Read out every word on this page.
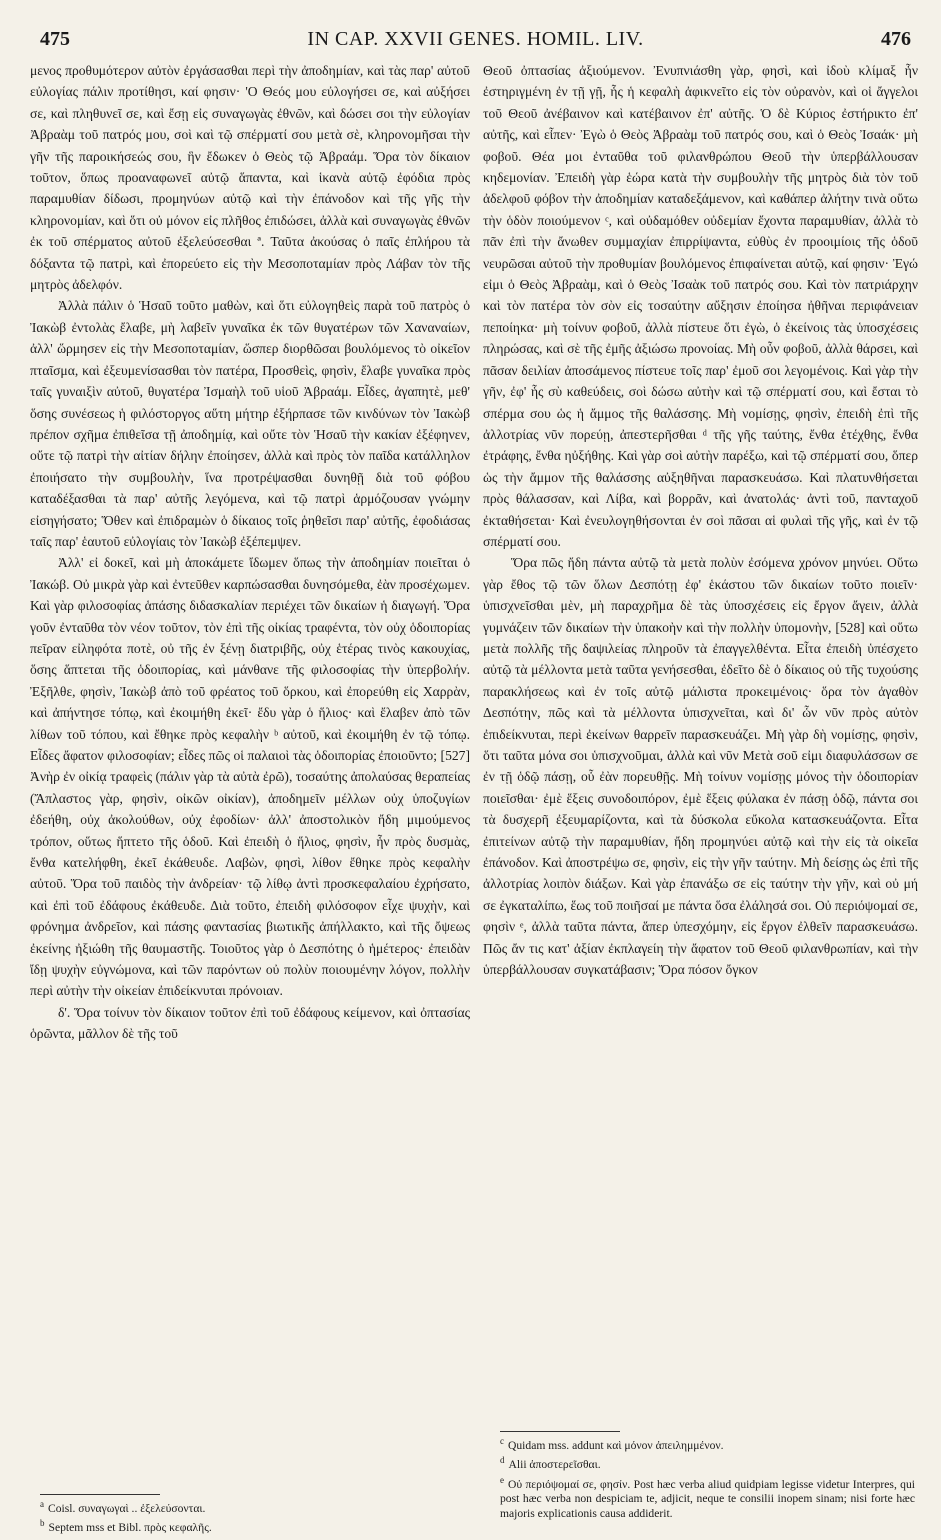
475	IN CAP. XXVII GENES. HOMIL. LIV.	476

μενος προθυμότερον αὐτὸν ἐργάσασθαι περὶ τὴν ἀποδημίαν, καὶ τὰς παρ' αὐτοῦ εὐλογίας πάλιν προτίθησι, καί φησιν· 'Ο Θεός μου εὐλογήσει σε, καὶ αὐξήσει σε, καὶ πληθυνεῖ σε, καὶ ἔσῃ εἰς συναγωγὰς ἐθνῶν, καὶ δώσει σοι τὴν εὐλογίαν Ἀβραὰμ τοῦ πατρός μου, σοὶ καὶ τῷ σπέρματί σου μετὰ σὲ, κληρονομῆσαι τὴν γῆν τῆς παροικήσεώς σου, ἣν ἔδωκεν ὁ Θεὸς τῷ Ἀβραάμ. Ὅρα τὸν δίκαιον τοῦτον, ὅπως προαναφωνεῖ αὐτῷ ἅπαντα, καὶ ἱκανὰ αὐτῷ ἐφόδια πρὸς παραμυθίαν δίδωσι, προμηνύων αὐτῷ καὶ τὴν ἐπάνοδον καὶ τῆς γῆς τὴν κληρονομίαν, καὶ ὅτι οὐ μόνον εἰς πλῆθος ἐπιδώσει, ἀλλὰ καὶ συναγωγὰς ἐθνῶν ἐκ τοῦ σπέρματος αὐτοῦ ἐξελεύσεσθαι ª. Ταῦτα ἀκούσας ὁ παῖς ἐπλήρου τὰ δόξαντα τῷ πατρὶ, καὶ ἐπορεύετο εἰς τὴν Μεσοποταμίαν πρὸς Λάβαν τὸν τῆς μητρὸς ἀδελφόν.

Ἀλλὰ πάλιν ὁ Ἡσαῦ τοῦτο μαθὼν, καὶ ὅτι εὐλογηθεὶς παρὰ τοῦ πατρὸς ὁ Ἰακὼβ ἐντολὰς ἔλαβε, μὴ λαβεῖν γυναῖκα ἐκ τῶν θυγατέρων τῶν Χαναναίων, ἀλλ' ὥρμησεν εἰς τὴν Μεσοποταμίαν, ὥσπερ διορθῶσαι βουλόμενος τὸ οἰκεῖον πταῖσμα, καὶ ἐξευμενίσασθαι τὸν πατέρα, Προσθεὶς, φησὶν, ἔλαβε γυναῖκα πρὸς ταῖς γυναιξὶν αὐτοῦ, θυγατέρα Ἰσμαὴλ τοῦ υἱοῦ Ἀβραάμ. Εἶδες, ἀγαπητὲ, μεθ' ὅσης συνέσεως ἡ φιλόστοργος αὕτη μήτηρ ἐξήρπασε τῶν κινδύνων τὸν Ἰακὼβ πρέπον σχῆμα ἐπιθεῖσα τῇ ἀποδημίᾳ, καὶ οὔτε τὸν Ἡσαῦ τὴν κακίαν ἐξέφηνεν, οὔτε τῷ πατρὶ τὴν αἰτίαν δήλην ἐποίησεν, ἀλλὰ καὶ πρὸς τὸν παῖδα κατάλληλον ἐποιήσατο τὴν συμβουλὴν, ἵνα προτρέψασθαι δυνηθῇ διὰ τοῦ φόβου καταδέξασθαι τὰ παρ' αὐτῆς λεγόμενα, καὶ τῷ πατρὶ ἁρμόζουσαν γνώμην εἰσηγήσατο; Ὅθεν καὶ ἐπιδραμὼν ὁ δίκαιος τοῖς ῥηθεῖσι παρ' αὐτῆς, ἐφοδιάσας ταῖς παρ' ἑαυτοῦ εὐλογίαις τὸν Ἰακὼβ ἐξέπεμψεν.

Ἀλλ' εἰ δοκεῖ, καὶ μὴ ἀποκάμετε ἴδωμεν ὅπως τὴν ἀποδημίαν ποιεῖται ὁ Ἰακώβ. Οὐ μικρὰ γὰρ καὶ ἐντεῦθεν καρπώσασθαι δυνησόμεθα, ἐὰν προσέχωμεν. Καὶ γὰρ φιλοσοφίας ἁπάσης διδασκαλίαν περιέχει τῶν δικαίων ἡ διαγωγή. Ὅρα γοῦν ἐνταῦθα τὸν νέον τοῦτον, τὸν ἐπὶ τῆς οἰκίας τραφέντα, τὸν οὐχ ὁδοιπορίας πεῖραν εἰληφότα ποτὲ, οὐ τῆς ἐν ξένῃ διατριβῆς, οὐχ ἑτέρας τινὸς κακουχίας, ὅσης ἅπτεται τῆς ὁδοιπορίας, καὶ μάνθανε τῆς φιλοσοφίας τὴν ὑπερβολήν. Ἐξῆλθε, φησὶν, Ἰακὼβ ἀπὸ τοῦ φρέατος τοῦ ὅρκου, καὶ ἐπορεύθη εἰς Χαρρὰν, καὶ ἀπήντησε τόπῳ, καὶ ἐκοιμήθη ἐκεῖ· ἔδυ γὰρ ὁ ἥλιος· καὶ ἔλαβεν ἀπὸ τῶν λίθων τοῦ τόπου, καὶ ἔθηκε πρὸς κεφαλὴν ᵇ αὐτοῦ, καὶ ἐκοιμήθη ἐν τῷ τόπῳ. Εἶδες ἄφατον φιλοσοφίαν; εἶδες πῶς οἱ παλαιοὶ τὰς ὁδοιπορίας ἐποιοῦντο; [527] Ἀνὴρ ἐν οἰκίᾳ τραφεὶς (πάλιν γὰρ τὰ αὐτὰ ἐρῶ), τοσαύτης ἀπολαύσας θεραπείας (Ἄπλαστος γὰρ, φησὶν, οἰκῶν οἰκίαν), ἀποδημεῖν μέλλων οὐχ ὑποζυγίων ἐδεήθη, οὐχ ἀκολούθων, οὐχ ἐφοδίων· ἀλλ' ἀποστολικὸν ἤδη μιμούμενος τρόπον, οὕτως ἥπτετο τῆς ὁδοῦ. Καὶ ἐπειδὴ ὁ ἥλιος, φησὶν, ἦν πρὸς δυσμὰς, ἔνθα κατελήφθη, ἐκεῖ ἐκάθευδε. Λαβὼν, φησὶ, λίθον ἔθηκε πρὸς κεφαλὴν αὐτοῦ. Ὅρα τοῦ παιδὸς τὴν ἀνδρείαν· τῷ λίθῳ ἀντὶ προσκεφαλαίου ἐχρήσατο, καὶ ἐπὶ τοῦ ἐδάφους ἐκάθευδε. Διὰ τοῦτο, ἐπειδὴ φιλόσοφον εἶχε ψυχὴν, καὶ φρόνημα ἀνδρεῖον, καὶ πάσης φαντασίας βιωτικῆς ἀπήλλακτο, καὶ τῆς ὄψεως ἐκείνης ἠξιώθη τῆς θαυμαστῆς. Τοιοῦτος γὰρ ὁ Δεσπότης ὁ ἡμέτερος· ἐπειδὰν ἴδῃ ψυχὴν εὐγνώμονα, καὶ τῶν παρόντων οὐ πολὺν ποιουμένην λόγον, πολλὴν περὶ αὐτὴν τὴν οἰκείαν ἐπιδείκνυται πρόνοιαν.

δ'. Ὅρα τοίνυν τὸν δίκαιον τοῦτον ἐπὶ τοῦ ἐδάφους κείμενον, καὶ ὀπτασίας ὁρῶντα, μᾶλλον δὲ τῆς τοῦ

Θεοῦ ὀπτασίας ἀξιούμενον. Ἐνυπνιάσθη γὰρ, φησὶ, καὶ ἰδοὺ κλίμαξ ἦν ἐστηριγμένη ἐν τῇ γῇ, ἧς ἡ κεφαλὴ ἀφικνεῖτο εἰς τὸν οὐρανὸν, καὶ οἱ ἄγγελοι τοῦ Θεοῦ ἀνέβαινον καὶ κατέβαινον ἐπ' αὐτῆς. Ὁ δὲ Κύριος ἐστήρικτο ἐπ' αὐτῆς, καὶ εἶπεν· Ἐγὼ ὁ Θεὸς Ἀβραὰμ τοῦ πατρός σου, καὶ ὁ Θεὸς Ἰσαάκ· μὴ φοβοῦ. Θέα μοι ἐνταῦθα τοῦ φιλανθρώπου Θεοῦ τὴν ὑπερβάλλουσαν κηδεμονίαν. Ἐπειδὴ γὰρ ἑώρα κατὰ τὴν συμβουλὴν τῆς μητρὸς διὰ τὸν τοῦ ἀδελφοῦ φόβον τὴν ἀποδημίαν καταδεξάμενον, καὶ καθάπερ ἀλήτην τινὰ οὕτω τὴν ὁδὸν ποιούμενον ᶜ, καὶ οὐδαμόθεν οὐδεμίαν ἔχοντα παραμυθίαν, ἀλλὰ τὸ πᾶν ἐπὶ τὴν ἄνωθεν συμμαχίαν ἐπιρρίψαντα, εὐθὺς ἐν προοιμίοις τῆς ὁδοῦ νευρῶσαι αὐτοῦ τὴν προθυμίαν βουλόμενος ἐπιφαίνεται αὐτῷ, καί φησιν· Ἐγώ εἰμι ὁ Θεὸς Ἀβραὰμ, καὶ ὁ Θεὸς Ἰσαὰκ τοῦ πατρός σου. Καὶ τὸν πατριάρχην καὶ τὸν πατέρα τὸν σὸν εἰς τοσαύτην αὔξησιν ἐποίησα ἠθῆναι περιφάνειαν πεποίηκα· μὴ τοίνυν φοβοῦ, ἀλλὰ πίστευε ὅτι ἐγὼ, ὁ ἐκείνοις τὰς ὑποσχέσεις πληρώσας, καὶ σὲ τῆς ἐμῆς ἀξιώσω προνοίας. Μὴ οὖν φοβοῦ, ἀλλὰ θάρσει, καὶ πᾶσαν δειλίαν ἀποσάμενος πίστευε τοῖς παρ' ἐμοῦ σοι λεγομένοις. Καὶ γὰρ τὴν γῆν, ἐφ' ἧς σὺ καθεύδεις, σοὶ δώσω αὐτὴν καὶ τῷ σπέρματί σου, καὶ ἔσται τὸ σπέρμα σου ὡς ἡ ἄμμος τῆς θαλάσσης. Μὴ νομίσῃς, φησὶν, ἐπειδὴ ἐπὶ τῆς ἀλλοτρίας νῦν πορεύῃ, ἀπεστερῆσθαι ᵈ τῆς γῆς ταύτης, ἔνθα ἐτέχθης, ἔνθα ἐτράφης, ἔνθα ηὐξήθης. Καὶ γὰρ σοὶ αὐτὴν παρέξω, καὶ τῷ σπέρματί σου, ὅπερ ὡς τὴν ἄμμον τῆς θαλάσσης αὐξηθῆναι παρασκευάσω. Καὶ πλατυνθήσεται πρὸς θάλασσαν, καὶ Λίβα, καὶ βορρᾶν, καὶ ἀνατολάς· ἀντὶ τοῦ, πανταχοῦ ἐκταθήσεται· Καὶ ἐνευλογηθήσονται ἐν σοὶ πᾶσαι αἱ φυλαὶ τῆς γῆς, καὶ ἐν τῷ σπέρματί σου.

Ὅρα πῶς ἤδη πάντα αὐτῷ τὰ μετὰ πολὺν ἐσόμενα χρόνον μηνύει. Οὕτω γὰρ ἔθος τῷ τῶν ὅλων Δεσπότῃ ἐφ' ἑκάστου τῶν δικαίων τοῦτο ποιεῖν· ὑπισχνεῖσθαι μὲν, μὴ παραχρῆμα δὲ τὰς ὑποσχέσεις εἰς ἔργον ἄγειν, ἀλλὰ γυμνάζειν τῶν δικαίων τὴν ὑπακοὴν καὶ τὴν πολλὴν ὑπομονὴν, [528] καὶ οὕτω μετὰ πολλῆς τῆς δαψιλείας πληροῦν τὰ ἐπαγγελθέντα. Εἶτα ἐπειδὴ ὑπέσχετο αὐτῷ τὰ μέλλοντα μετὰ ταῦτα γενήσεσθαι, ἐδεῖτο δὲ ὁ δίκαιος οὐ τῆς τυχούσης παρακλήσεως καὶ ἐν τοῖς αὐτῷ μάλιστα προκειμένοις· ὅρα τὸν ἀγαθὸν Δεσπότην, πῶς καὶ τὰ μέλλοντα ὑπισχνεῖται, καὶ δι' ὧν νῦν πρὸς αὐτὸν ἐπιδείκνυται, περὶ ἐκείνων θαρρεῖν παρασκευάζει. Μὴ γὰρ δὴ νομίσῃς, φησὶν, ὅτι ταῦτα μόνα σοι ὑπισχνοῦμαι, ἀλλὰ καὶ νῦν Μετὰ σοῦ εἰμι διαφυλάσσων σε ἐν τῇ ὁδῷ πάσῃ, οὗ ἐὰν πορευθῇς. Μὴ τοίνυν νομίσῃς μόνος τὴν ὁδοιπορίαν ποιεῖσθαι· ἐμὲ ἕξεις συνοδοιπόρον, ἐμὲ ἕξεις φύλακα ἐν πάσῃ ὁδῷ, πάντα σοι τὰ δυσχερῆ ἐξευμαρίζοντα, καὶ τὰ δύσκολα εὔκολα κατασκευάζοντα. Εἶτα ἐπιτείνων αὐτῷ τὴν παραμυθίαν, ἤδη προμηνύει αὐτῷ καὶ τὴν εἰς τὰ οἰκεῖα ἐπάνοδον. Καὶ ἀποστρέψω σε, φησὶν, εἰς τὴν γῆν ταύτην. Μὴ δείσῃς ὡς ἐπὶ τῆς ἀλλοτρίας λοιπὸν διάξων. Καὶ γὰρ ἐπανάξω σε εἰς ταύτην τὴν γῆν, καὶ οὐ μή σε ἐγκαταλίπω, ἕως τοῦ ποιῆσαί με πάντα ὅσα ἐλάλησά σοι. Οὐ περιόψομαί σε, φησὶν ᵉ, ἀλλὰ ταῦτα πάντα, ἅπερ ὑπεσχόμην, εἰς ἔργον ἐλθεῖν παρασκευάσω. Πῶς ἄν τις κατ' ἀξίαν ἐκπλαγείη τὴν ἄφατον τοῦ Θεοῦ φιλανθρωπίαν, καὶ τὴν ὑπερβάλλουσαν συγκατάβασιν; Ὅρα πόσον ὄγκον

$^a$ Coisl. συναγωγαὶ .. ἐξελεύσονται.

$^b$ Septem mss et Bibl. πρὸς κεφαλῆς.

$^c$ Quidam mss. addunt καὶ μόνον ἀπειλημμένον.

$^d$ Alii ἀποστερεῖσθαι.

$^e$ Οὐ περιόψομαί σε, φησίν. Post hæc verba aliud quidpiam legisse videtur Interpres, qui post hæc verba non despiciam te, adjicit, neque te consilii inopem sinam; nisi forte hæc majoris explicationis causa addiderit.
